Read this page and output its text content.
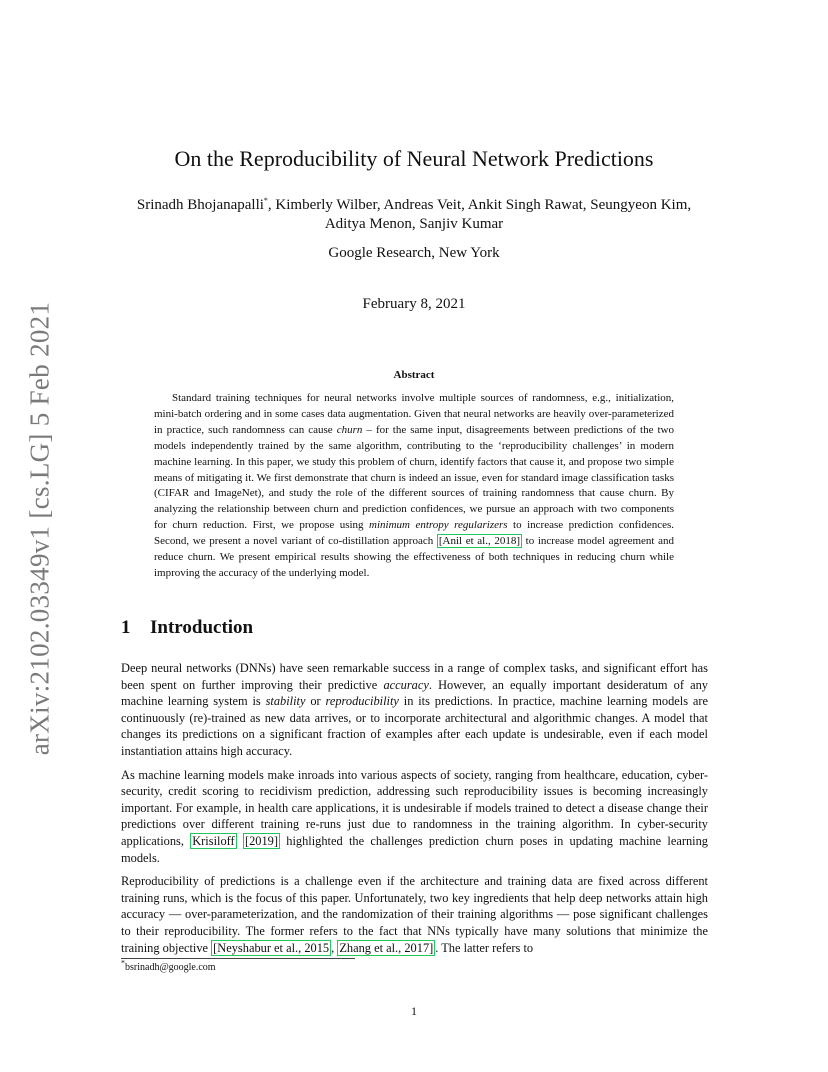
arXiv:2102.03349v1 [cs.LG] 5 Feb 2021
On the Reproducibility of Neural Network Predictions
Srinadh Bhojanapalli*, Kimberly Wilber, Andreas Veit, Ankit Singh Rawat, Seungyeon Kim,
Aditya Menon, Sanjiv Kumar
Google Research, New York
February 8, 2021
Abstract

Standard training techniques for neural networks involve multiple sources of randomness, e.g., initialization, mini-batch ordering and in some cases data augmentation. Given that neural networks are heavily over-parameterized in practice, such randomness can cause churn – for the same input, disagreements between predictions of the two models independently trained by the same algorithm, contributing to the ‘reproducibility challenges’ in modern machine learning. In this paper, we study this problem of churn, identify factors that cause it, and propose two simple means of mitigating it. We first demonstrate that churn is indeed an issue, even for standard image classification tasks (CIFAR and ImageNet), and study the role of the different sources of training randomness that cause churn. By analyzing the relationship between churn and prediction confidences, we pursue an approach with two components for churn reduction. First, we propose using minimum entropy regularizers to increase prediction confidences. Second, we present a novel variant of co-distillation approach [Anil et al., 2018] to increase model agreement and reduce churn. We present empirical results showing the effectiveness of both techniques in reducing churn while improving the accuracy of the underlying model.

1 Introduction

Deep neural networks (DNNs) have seen remarkable success in a range of complex tasks, and significant effort has been spent on further improving their predictive accuracy. However, an equally important desideratum of any machine learning system is stability or reproducibility in its predictions. In practice, machine learning models are continuously (re)-trained as new data arrives, or to incorporate architectural and algorithmic changes. A model that changes its predictions on a significant fraction of examples after each update is undesirable, even if each model instantiation attains high accuracy.

As machine learning models make inroads into various aspects of society, ranging from healthcare, education, cyber-security, credit scoring to recidivism prediction, addressing such reproducibility issues is becoming increasingly important. For example, in health care applications, it is undesirable if models trained to detect a disease change their predictions over different training re-runs just due to randomness in the training algorithm. In cyber-security applications, Krisiloff [2019] highlighted the challenges prediction churn poses in updating machine learning models.

Reproducibility of predictions is a challenge even if the architecture and training data are fixed across different training runs, which is the focus of this paper. Unfortunately, two key ingredients that help deep networks attain high accuracy — over-parameterization, and the randomization of their training algorithms — pose significant challenges to their reproducibility. The former refers to the fact that NNs typically have many solutions that minimize the training objective [Neyshabur et al., 2015 , Zhang et al., 2017] . The latter refers to

*bsrinadh@google.com
1
